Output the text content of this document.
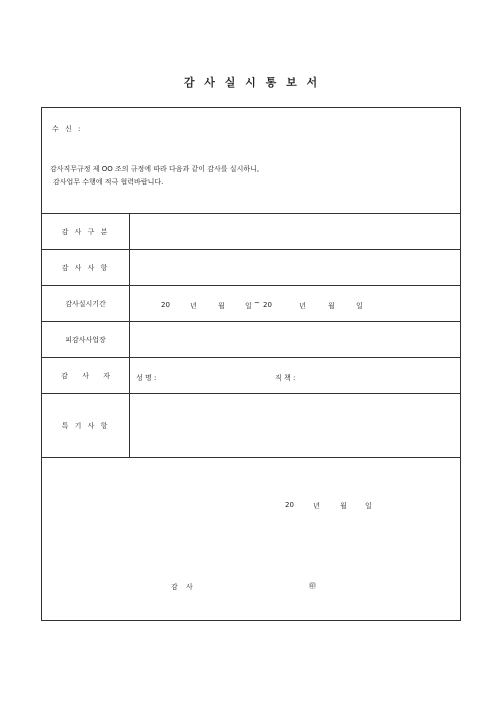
감 사 실 시 통 보 서
수 신 :
감사직무규정 제 OO 조의 규정에 따라 다음과 같이 감사를 실시하니,
감사업무 수행에 적극 협력바랍니다.
감 사 구 분
감 사 사 항
감사실시기간	20	년	월	일 ~ 20	년	월	일
피감사사업장
감 사 자	성 명 :	직 책 :
특 기 사 항
20	년	월	일
감 사	㊞
